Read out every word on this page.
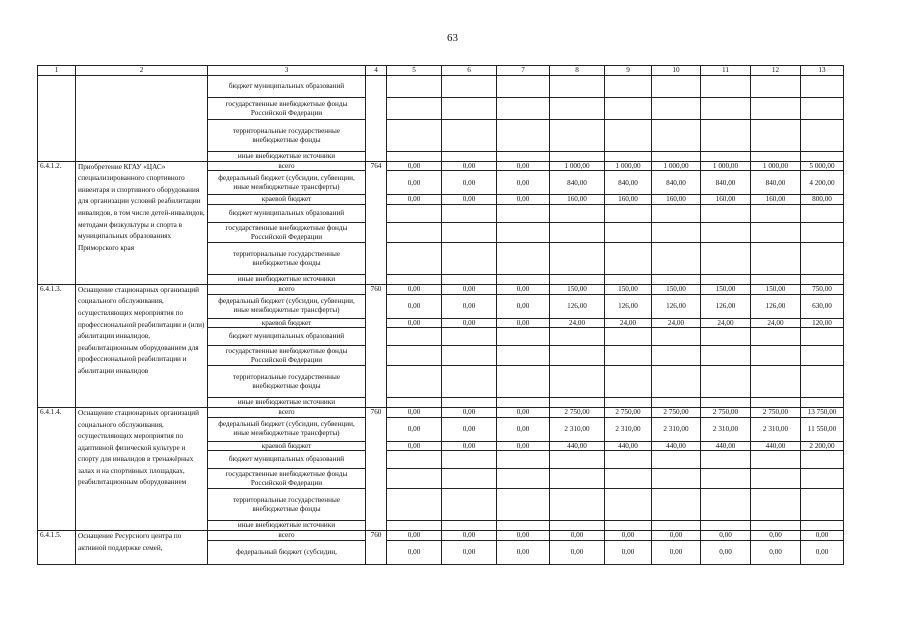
63
1	2	3	4	5	6	7	8	9	10	11	12	13
		бюджет муниципальных образований										
		государственные внебюджетные фонды Российской Федерации										
		территориальные государственные внебюджетные фонды										
		иные внебюджетные источники										
6.4.1.2.	Приобретение КГАУ «ЦАС» специализированного спортивного инвентаря и спортивного оборудования для организации условий реабилитации инвалидов, в том числе детей-инвалидов, методами физкультуры и спорта в муниципальных образованиях Приморского края	всего	764	0,00	0,00	0,00	1 000,00	1 000,00	1 000,00	1 000,00	1 000,00	5 000,00
		федеральный бюджет (субсидии, субвенции, иные межбюджетные трансферты)		0,00	0,00	0,00	840,00	840,00	840,00	840,00	840,00	4 200,00
		краевой бюджет		0,00	0,00	0,00	160,00	160,00	160,00	160,00	160,00	800,00
		бюджет муниципальных образований										
		государственные внебюджетные фонды Российской Федерации										
		территориальные государственные внебюджетные фонды										
		иные внебюджетные источники										
6.4.1.3.	Оснащение стационарных организаций социального обслуживания, осуществляющих мероприятия по профессиональной реабилитации и (или) абилитации инвалидов, реабилитационным оборудованием для профессиональной реабилитации и абилитации инвалидов	всего	760	0,00	0,00	0,00	150,00	150,00	150,00	150,00	150,00	750,00
		федеральный бюджет (субсидии, субвенции, иные межбюджетные трансферты)		0,00	0,00	0,00	126,00	126,00	126,00	126,00	126,00	630,00
		краевой бюджет		0,00	0,00	0,00	24,00	24,00	24,00	24,00	24,00	120,00
		бюджет муниципальных образований										
		государственные внебюджетные фонды Российской Федерации										
		территориальные государственные внебюджетные фонды										
		иные внебюджетные источники										
6.4.1.4.	Оснащение стационарных организаций социального обслуживания, осуществляющих мероприятия по адаптивной физической культуре и спорту для инвалидов в тренажёрных залах и на спортивных площадках, реабилитационным оборудованием	всего	760	0,00	0,00	0,00	2 750,00	2 750,00	2 750,00	2 750,00	2 750,00	13 750,00
		федеральный бюджет (субсидии, субвенции, иные межбюджетные трансферты)		0,00	0,00	0,00	2 310,00	2 310,00	2 310,00	2 310,00	2 310,00	11 550,00
		краевой бюджет		0,00	0,00	0,00	440,00	440,00	440,00	440,00	440,00	2 200,00
		бюджет муниципальных образований										
		государственные внебюджетные фонды Российской Федерации										
		территориальные государственные внебюджетные фонды										
		иные внебюджетные источники										
6.4.1.5.	Оснащение Ресурсного центра по активной поддержке семей,	всего	760	0,00	0,00	0,00	0,00	0,00	0,00	0,00	0,00	0,00
		федеральный бюджет (субсидии,		0,00	0,00	0,00	0,00	0,00	0,00	0,00	0,00	0,00
